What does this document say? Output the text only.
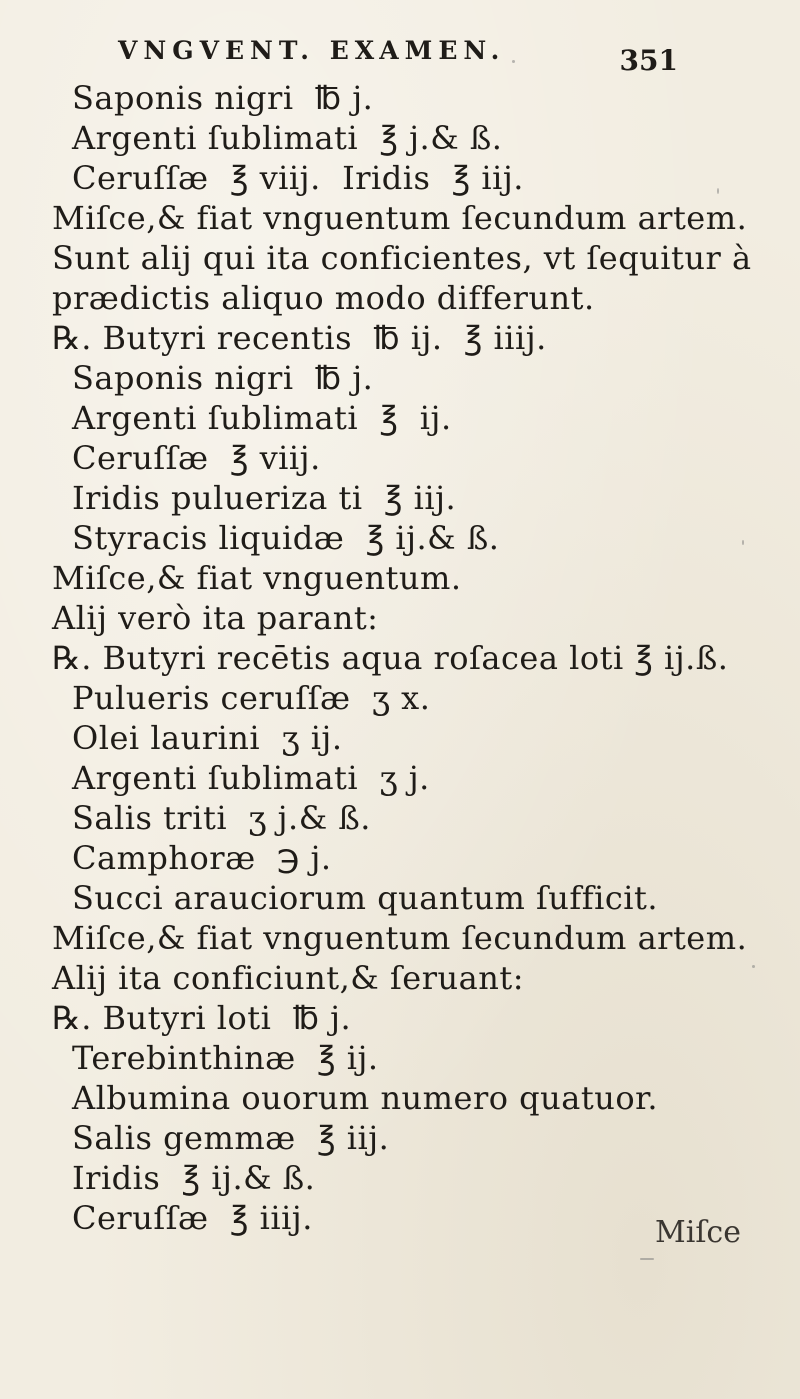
VNGVENT. EXAMEN.	351
Saponis nigri  ℔ j.
Argenti ſublimati  ℥ j.& ß.
Ceruſſæ  ℥ viij.  Iridis  ℥ iij.
Miſce,& fiat vnguentum ſecundum artem.
Sunt alij qui ita conficientes, vt ſequitur à
prædictis aliquo modo differunt.
℞. Butyri recentis  ℔ ij.  ℥ iiij.
Saponis nigri  ℔ j.
Argenti ſublimati  ℥  ij.
Ceruſſæ  ℥ viij.
Iridis pulueriza ti  ℥ iij.
Styracis liquidæ  ℥ ij.& ß.
Miſce,& fiat vnguentum.
Alij verò ita parant:
℞. Butyri recētis aqua roſacea loti ℥ ij.ß.
Pulueris ceruſſæ  ʒ x.
Olei laurini  ʒ ij.
Argenti ſublimati  ʒ j.
Salis triti  ʒ j.& ß.
Camphoræ  ℈ j.
Succi arauciorum quantum ſufficit.
Miſce,& fiat vnguentum ſecundum artem.
Alij ita conficiunt,& ſeruant:
℞. Butyri loti  ℔ j.
Terebinthinæ  ℥ ij.
Albumina ouorum numero quatuor.
Salis gemmæ  ℥ iij.
Iridis  ℥ ij.& ß.
Ceruſſæ  ℥ iiij.	Miſce
